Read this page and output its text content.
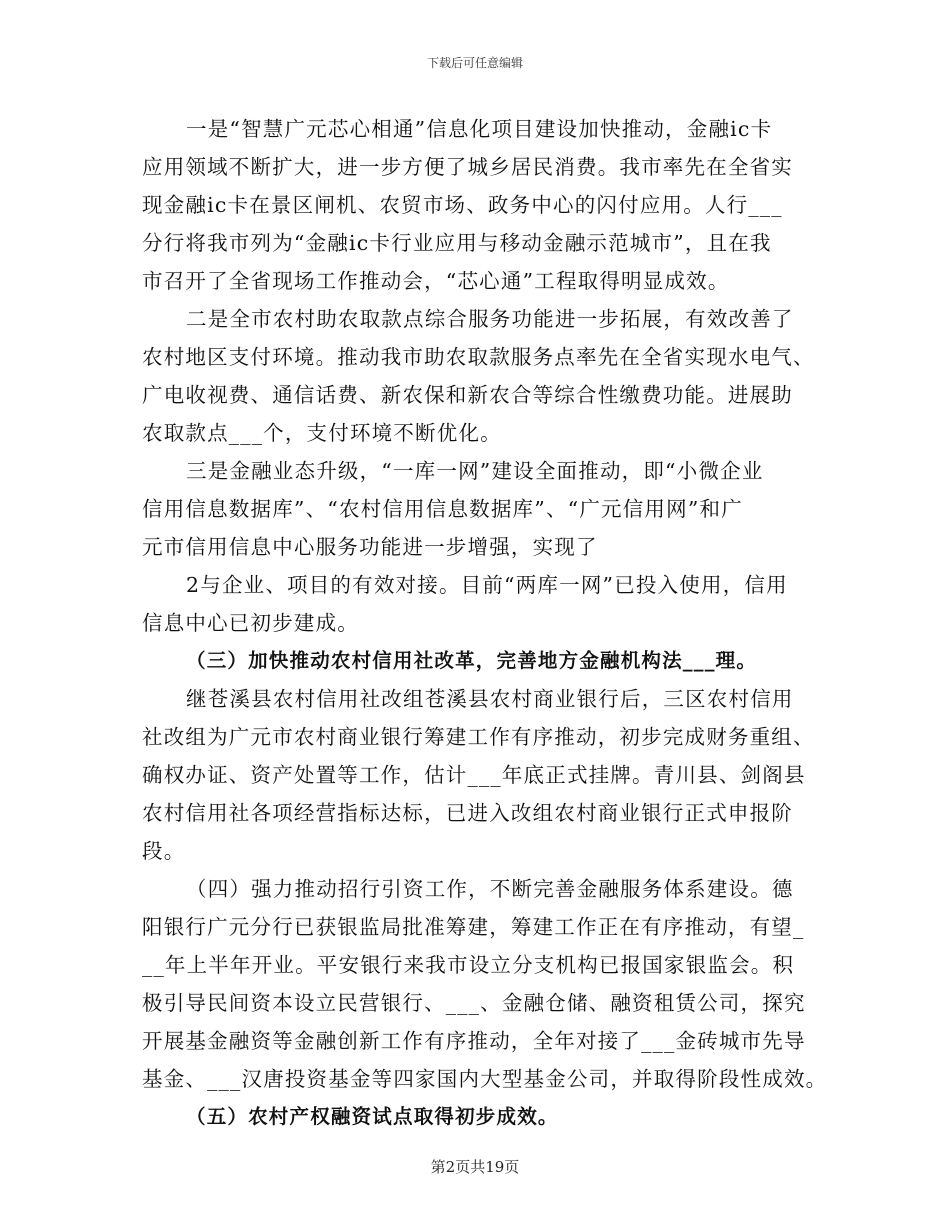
下载后可任意编辑
一是“智慧广元芯心相通”信息化项目建设加快推动，金融ic卡
应用领域不断扩大，进一步方便了城乡居民消费。我市率先在全省实
现金融ic卡在景区闸机、农贸市场、政务中心的闪付应用。人行___
分行将我市列为“金融ic卡行业应用与移动金融示范城市”，且在我
市召开了全省现场工作推动会，“芯心通”工程取得明显成效。
二是全市农村助农取款点综合服务功能进一步拓展，有效改善了
农村地区支付环境。推动我市助农取款服务点率先在全省实现水电气、
广电收视费、通信话费、新农保和新农合等综合性缴费功能。进展助
农取款点___个，支付环境不断优化。
三是金融业态升级，“一库一网”建设全面推动，即“小微企业
信用信息数据库”、“农村信用信息数据库”、“广元信用网”和广
元市信用信息中心服务功能进一步增强，实现了
2与企业、项目的有效对接。目前“两库一网”已投入使用，信用
信息中心已初步建成。
（三）加快推动农村信用社改革，完善地方金融机构法___理。
继苍溪县农村信用社改组苍溪县农村商业银行后，三区农村信用
社改组为广元市农村商业银行筹建工作有序推动，初步完成财务重组、
确权办证、资产处置等工作，估计___年底正式挂牌。青川县、剑阁县
农村信用社各项经营指标达标，已进入改组农村商业银行正式申报阶
段。
（四）强力推动招行引资工作，不断完善金融服务体系建设。德
阳银行广元分行已获银监局批准筹建，筹建工作正在有序推动，有望_
__年上半年开业。平安银行来我市设立分支机构已报国家银监会。积
极引导民间资本设立民营银行、___、金融仓储、融资租赁公司，探究
开展基金融资等金融创新工作有序推动，全年对接了___金砖城市先导
基金、___汉唐投资基金等四家国内大型基金公司，并取得阶段性成效。
（五）农村产权融资试点取得初步成效。
第2页共19页
